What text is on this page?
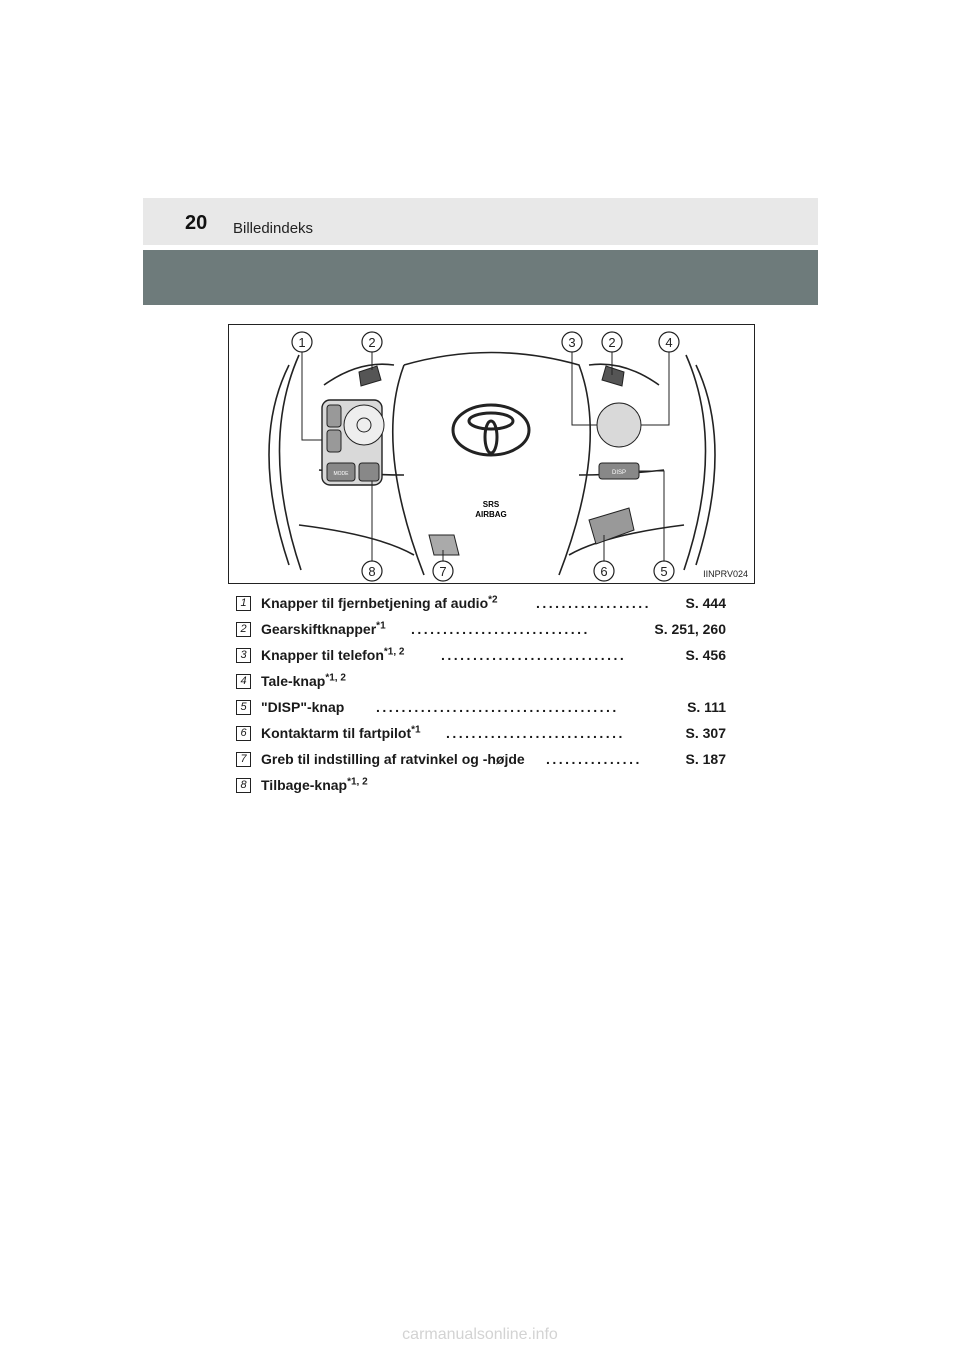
20 Billedindeks
SRS
AIRBAG
MODE	DISP
1	2	3	2	4
8	7	6	5	IINPRV024
1	Knapper til fjernbetjening af audio$^{*2}$	..................	S. 444
2	Gearskiftknapper$^{*1}$ ............................	S. 251, 260
3	Knapper til telefon$^{*1, 2}$	.............................	S. 456
4	Tale-knap$^{*1, 2}$
5	"DISP"-knap ......................................	S. 111
6	Kontaktarm til fartpilot$^{*1}$ ............................	S. 307
7	Greb til indstilling af ratvinkel og -højde ...............	S. 187
8	Tilbage-knap$^{*1, 2}$
carmanualsonline.info
